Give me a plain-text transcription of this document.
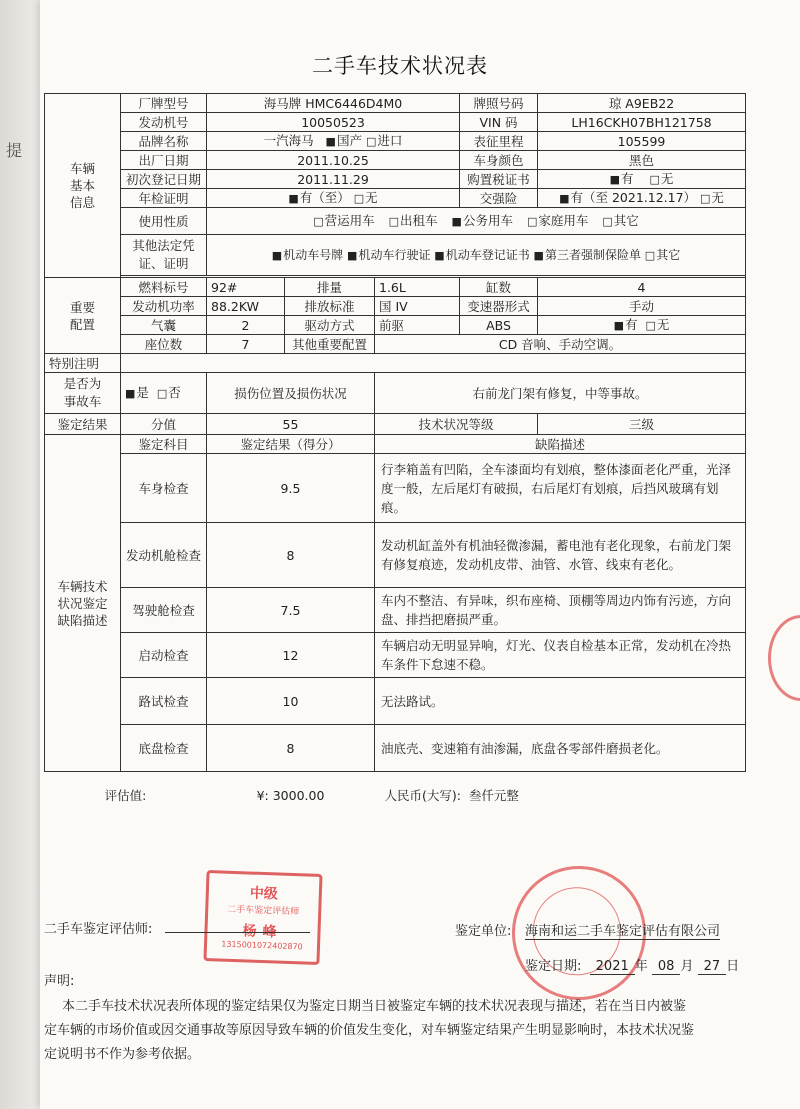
提
二手车技术状况表
车辆
基本
信息	厂牌型号	海马牌 HMC6446D4M0			牌照号码	琼 A9EB22
	发动机号	10050523			VIN 码	LH16CKH07BH121758
	品牌名称	一汽海马 ■国产 □进口			表征里程	105599
	出厂日期	2011.10.25			车身颜色	黑色
	初次登记日期	2011.11.29			购置税证书	■有 □无
	年检证明	■有（至） □无			交强险	■有（至 2021.12.17） □无
	使用性质	□营运用车 □出租车 ■公务用车 □家庭用车 □其它				
	其他法定凭
证、证明	■机动车号牌 ■机动车行驶证 ■机动车登记证书 ■第三者强制保险单 □其它				

重要
配置	燃料标号	92#	排量	1.6L	缸数	4
	发动机功率	88.2KW	排放标准	国 IV	变速器形式	手动
	气囊	2	驱动方式	前驱	ABS	■有 □无
	座位数	7	其他重要配置	CD 音响、手动空调。		
特别注明						
是否为
事故车	■是 □否	损伤位置及损伤状况		右前龙门架有修复，中等事故。		
鉴定结果	分值	55		技术状况等级		三级
车辆技术
状况鉴定
缺陷描述	鉴定科目	鉴定结果（得分）		缺陷描述		
	车身检查	9.5		行李箱盖有凹陷，全车漆面均有划痕，整体漆面老化严重，光泽度一般，左后尾灯有破损，右后尾灯有划痕，后挡风玻璃有划痕。		
	发动机舱检查	8		发动机缸盖外有机油轻微渗漏，蓄电池有老化现象，右前龙门架有修复痕迹，发动机皮带、油管、水管、线束有老化。		
	驾驶舱检查	7.5		车内不整洁、有异味，织布座椅、顶棚等周边内饰有污迹，方向盘、排挡把磨损严重。		
	启动检查	12		车辆启动无明显异响，灯光、仪表自检基本正常，发动机在冷热车条件下怠速不稳。		
	路试检查	10		无法路试。		
	底盘检查	8		油底壳、变速箱有油渗漏，底盘各零部件磨损老化。		
评估值:		¥: 3000.00		人民币(大写): 叁仟元整		
中级
二手车鉴定评估师
杨峰
1315001072402870
二手车鉴定评估师:	鉴定单位: 海南和运二手车鉴定评估有限公司
鉴定日期: 2021 年 08 月 27 日
声明:
本二手车技术状况表所体现的鉴定结果仅为鉴定日期当日被鉴定车辆的技术状况表现与描述，若在当日内被鉴
定车辆的市场价值或因交通事故等原因导致车辆的价值发生变化，对车辆鉴定结果产生明显影响时，本技术状况鉴
定说明书不作为参考依据。
